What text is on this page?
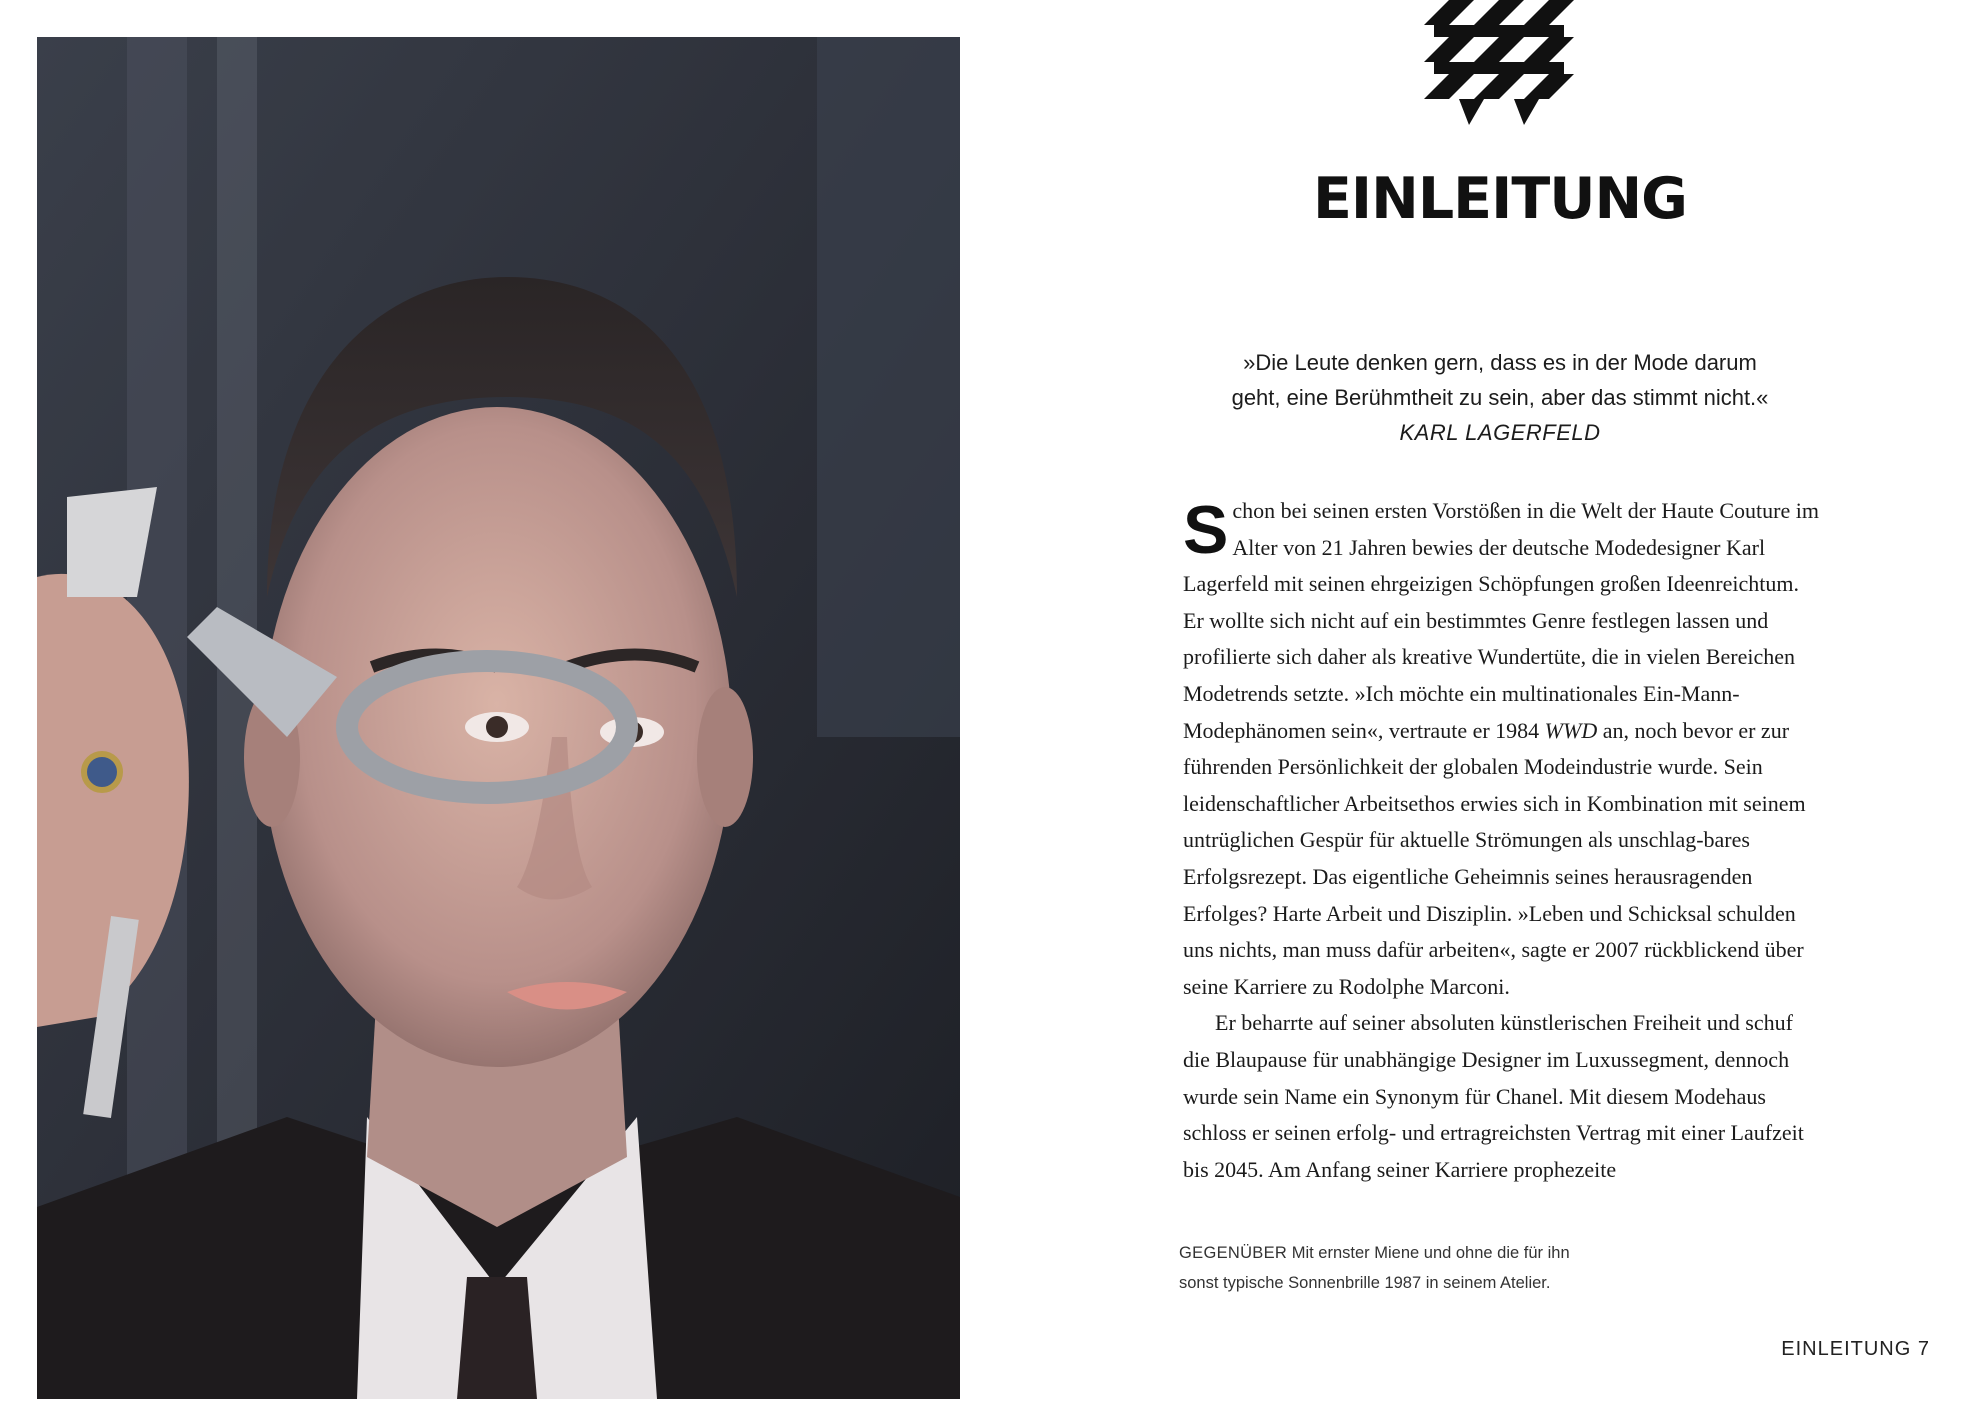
EINLEITUNG
»Die Leute denken gern, dass es in der Mode darum
geht, eine Berühmtheit zu sein, aber das stimmt nicht.«
KARL LAGERFELD

Schon bei seinen ersten Vorstößen in die Welt der Haute Couture im Alter von 21 Jahren bewies der deutsche Modedesigner Karl Lagerfeld mit seinen ehrgeizigen Schöpfungen großen Ideenreichtum. Er wollte sich nicht auf ein bestimmtes Genre festlegen lassen und profilierte sich daher als kreative Wundertüte, die in vielen Bereichen Modetrends setzte. »Ich möchte ein multinationales Ein-Mann-Modephänomen sein«, vertraute er 1984 WWD an, noch bevor er zur führenden Persönlichkeit der globalen Modeindustrie wurde. Sein leidenschaftlicher Arbeitsethos erwies sich in Kombination mit seinem untrüglichen Gespür für aktuelle Strömungen als unschlag-bares Erfolgsrezept. Das eigentliche Geheimnis seines herausragenden Erfolges? Harte Arbeit und Disziplin. »Leben und Schicksal schulden uns nichts, man muss dafür arbeiten«, sagte er 2007 rückblickend über seine Karriere zu Rodolphe Marconi.

Er beharrte auf seiner absoluten künstlerischen Freiheit und schuf die Blaupause für unabhängige Designer im Luxussegment, dennoch wurde sein Name ein Synonym für Chanel. Mit diesem Modehaus schloss er seinen erfolg- und ertragreichsten Vertrag mit einer Laufzeit bis 2045. Am Anfang seiner Karriere prophezeite

GEGENÜBER Mit ernster Miene und ohne die für ihn
sonst typische Sonnenbrille 1987 in seinem Atelier.
EINLEITUNG 7
